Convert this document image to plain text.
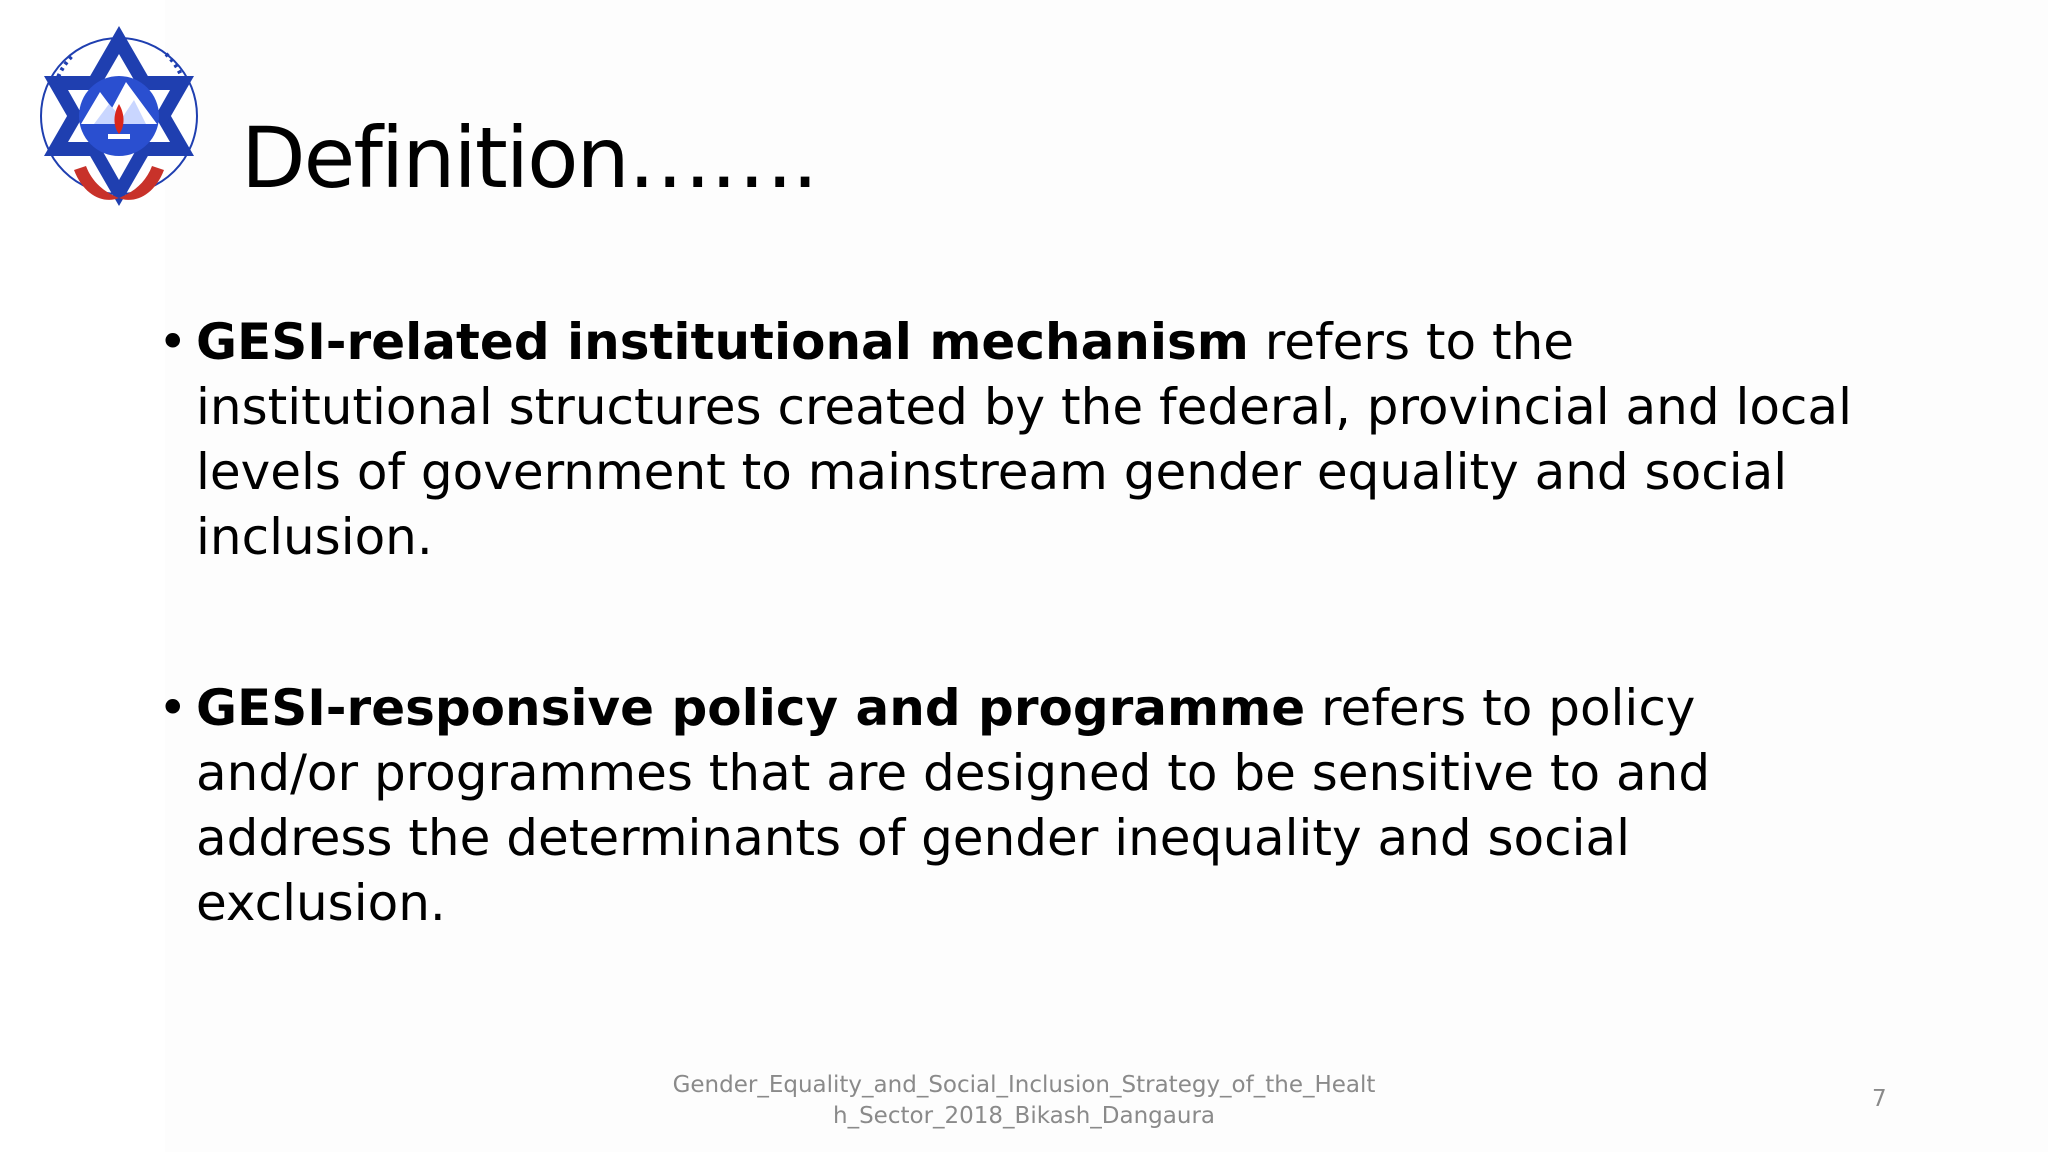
Definition…….
• GESI-related institutional mechanism refers to the institutional structures created by the federal, provincial and local levels of government to mainstream gender equality and social inclusion.
• GESI-responsive policy and programme refers to policy and/or programmes that are designed to be sensitive to and address the determinants of gender inequality and social exclusion.
Gender_Equality_and_Social_Inclusion_Strategy_of_the_Healt
h_Sector_2018_Bikash_Dangaura
7
